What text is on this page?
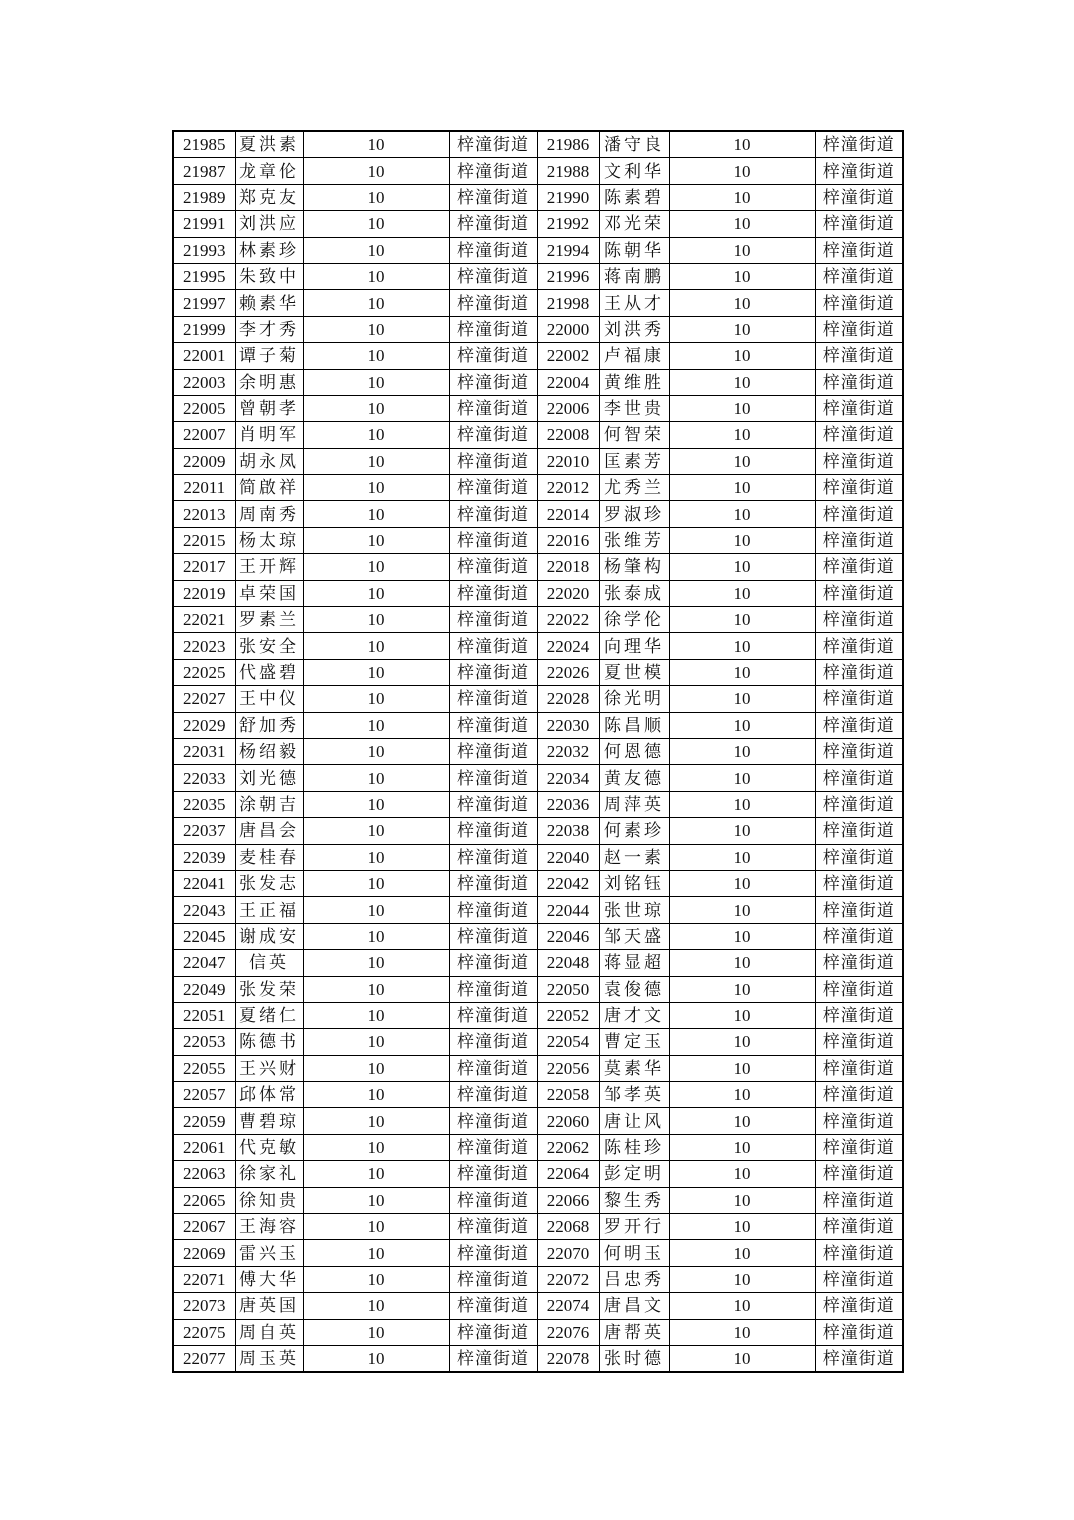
21985	夏洪素	10	梓潼街道	21986	潘守良	10	梓潼街道
21987	龙章伦	10	梓潼街道	21988	文利华	10	梓潼街道
21989	郑克友	10	梓潼街道	21990	陈素碧	10	梓潼街道
21991	刘洪应	10	梓潼街道	21992	邓光荣	10	梓潼街道
21993	林素珍	10	梓潼街道	21994	陈朝华	10	梓潼街道
21995	朱致中	10	梓潼街道	21996	蒋南鹏	10	梓潼街道
21997	赖素华	10	梓潼街道	21998	王从才	10	梓潼街道
21999	李才秀	10	梓潼街道	22000	刘洪秀	10	梓潼街道
22001	谭子菊	10	梓潼街道	22002	卢福康	10	梓潼街道
22003	余明惠	10	梓潼街道	22004	黄维胜	10	梓潼街道
22005	曾朝孝	10	梓潼街道	22006	李世贵	10	梓潼街道
22007	肖明军	10	梓潼街道	22008	何智荣	10	梓潼街道
22009	胡永凤	10	梓潼街道	22010	匡素芳	10	梓潼街道
22011	简啟祥	10	梓潼街道	22012	尤秀兰	10	梓潼街道
22013	周南秀	10	梓潼街道	22014	罗淑珍	10	梓潼街道
22015	杨太琼	10	梓潼街道	22016	张维芳	10	梓潼街道
22017	王开辉	10	梓潼街道	22018	杨肇构	10	梓潼街道
22019	卓荣国	10	梓潼街道	22020	张泰成	10	梓潼街道
22021	罗素兰	10	梓潼街道	22022	徐学伦	10	梓潼街道
22023	张安全	10	梓潼街道	22024	向理华	10	梓潼街道
22025	代盛碧	10	梓潼街道	22026	夏世模	10	梓潼街道
22027	王中仪	10	梓潼街道	22028	徐光明	10	梓潼街道
22029	舒加秀	10	梓潼街道	22030	陈昌顺	10	梓潼街道
22031	杨绍毅	10	梓潼街道	22032	何恩德	10	梓潼街道
22033	刘光德	10	梓潼街道	22034	黄友德	10	梓潼街道
22035	涂朝吉	10	梓潼街道	22036	周萍英	10	梓潼街道
22037	唐昌会	10	梓潼街道	22038	何素珍	10	梓潼街道
22039	麦桂春	10	梓潼街道	22040	赵一素	10	梓潼街道
22041	张发志	10	梓潼街道	22042	刘铭钰	10	梓潼街道
22043	王正福	10	梓潼街道	22044	张世琼	10	梓潼街道
22045	谢成安	10	梓潼街道	22046	邹天盛	10	梓潼街道
22047	信英	10	梓潼街道	22048	蒋显超	10	梓潼街道
22049	张发荣	10	梓潼街道	22050	袁俊德	10	梓潼街道
22051	夏绪仁	10	梓潼街道	22052	唐才文	10	梓潼街道
22053	陈德书	10	梓潼街道	22054	曹定玉	10	梓潼街道
22055	王兴财	10	梓潼街道	22056	莫素华	10	梓潼街道
22057	邱体常	10	梓潼街道	22058	邹孝英	10	梓潼街道
22059	曹碧琼	10	梓潼街道	22060	唐让风	10	梓潼街道
22061	代克敏	10	梓潼街道	22062	陈桂珍	10	梓潼街道
22063	徐家礼	10	梓潼街道	22064	彭定明	10	梓潼街道
22065	徐知贵	10	梓潼街道	22066	黎生秀	10	梓潼街道
22067	王海容	10	梓潼街道	22068	罗开行	10	梓潼街道
22069	雷兴玉	10	梓潼街道	22070	何明玉	10	梓潼街道
22071	傅大华	10	梓潼街道	22072	吕忠秀	10	梓潼街道
22073	唐英国	10	梓潼街道	22074	唐昌文	10	梓潼街道
22075	周自英	10	梓潼街道	22076	唐帮英	10	梓潼街道
22077	周玉英	10	梓潼街道	22078	张时德	10	梓潼街道
